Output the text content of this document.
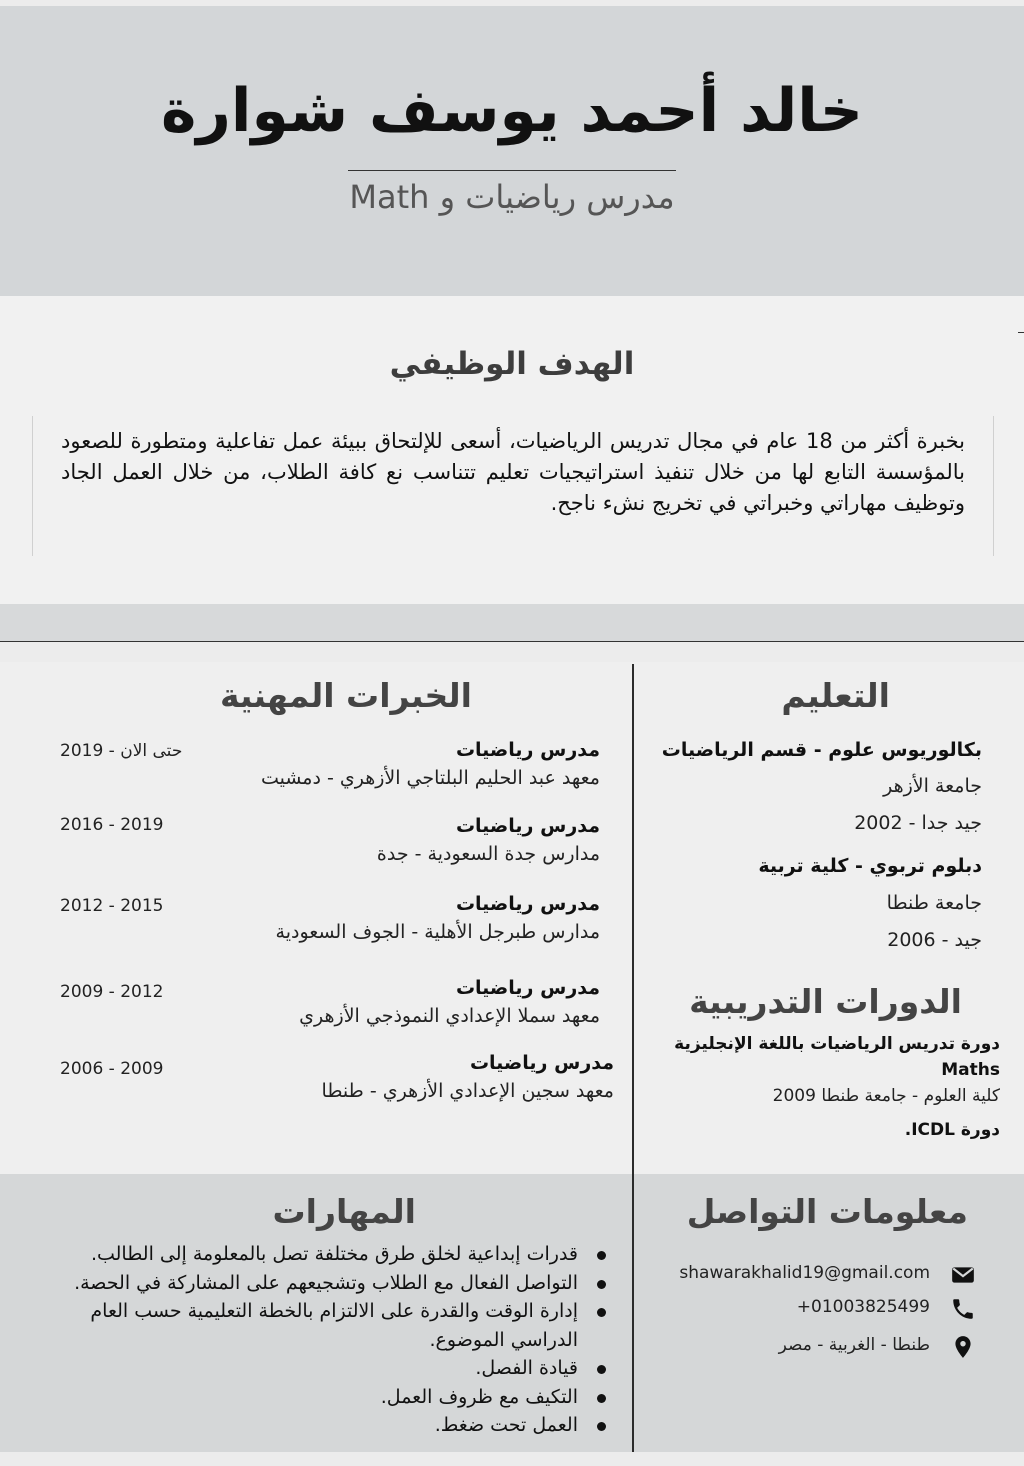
خالد أحمد يوسف شوارة
مدرس رياضيات و Math
الهدف الوظيفي
بخبرة أكثر من 18 عام في مجال تدريس الرياضيات، أسعى للإلتحاق ببيئة عمل تفاعلية ومتطورة للصعود بالمؤسسة التابع لها من خلال تنفيذ استراتيجيات تعليم تتناسب نع كافة الطلاب، من خلال العمل الجاد وتوظيف مهاراتي وخبراتي في تخريج نشء ناجح.
التعليم
بكالوريوس علوم - قسم الرياضيات
جامعة الأزهر
جيد جدا - 2002
دبلوم تربوي - كلية تربية
جامعة طنطا
جيد - 2006
الدورات التدريبية
دورة تدريس الرياضيات باللغة الإنجليزية
Maths
كلية العلوم - جامعة طنطا 2009
دورة ICDL.
الخبرات المهنية
مدرس رياضيات
معهد عبد الحليم البلتاجي الأزهري - دمشيت
حتى الان - 2019
مدرس رياضيات
مدارس جدة السعودية - جدة
2016 - 2019
مدرس رياضيات
مدارس طبرجل الأهلية - الجوف السعودية
2012 - 2015
مدرس رياضيات
معهد سملا الإعدادي النموذجي الأزهري
2009 - 2012
مدرس رياضيات
معهد سجين الإعدادي الأزهري - طنطا
2006 - 2009
معلومات التواصل
shawarakhalid19@gmail.com
+01003825499
طنطا - الغربية - مصر
المهارات
قدرات إبداعية لخلق طرق مختلفة تصل بالمعلومة إلى الطالب.
التواصل الفعال مع الطلاب وتشجيعهم على المشاركة في الحصة.
إدارة الوقت والقدرة على الالتزام بالخطة التعليمية حسب العام الدراسي الموضوع.
قيادة الفصل.
التكيف مع ظروف العمل.
العمل تحت ضغط.
